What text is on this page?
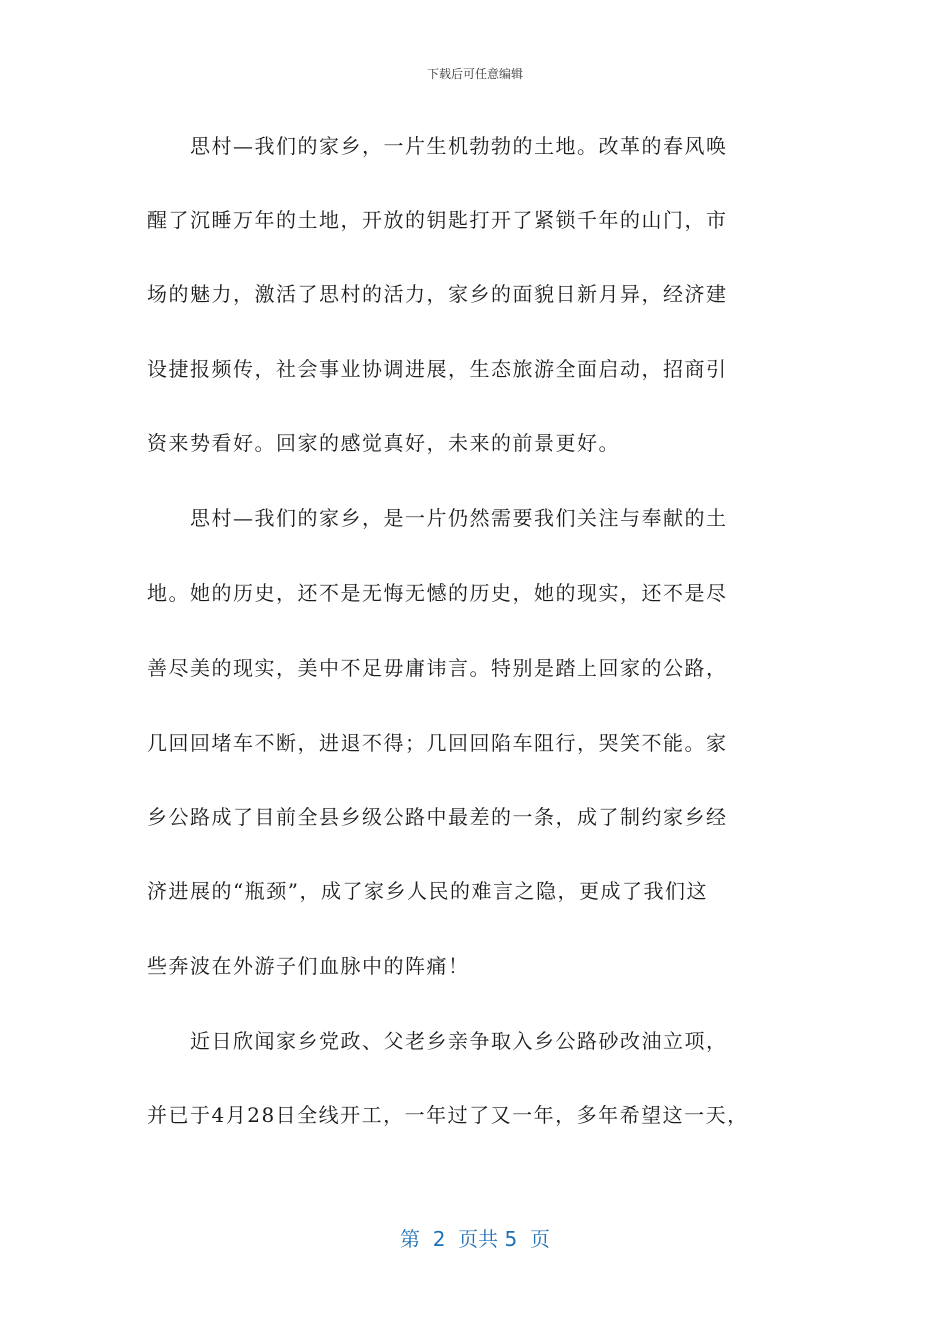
下载后可任意编辑
　　思村—我们的家乡，一片生机勃勃的土地。改革的春风唤
醒了沉睡万年的土地，开放的钥匙打开了紧锁千年的山门，市
场的魅力，激活了思村的活力，家乡的面貌日新月异，经济建
设捷报频传，社会事业协调进展，生态旅游全面启动，招商引
资来势看好。回家的感觉真好，未来的前景更好。
　　思村—我们的家乡，是一片仍然需要我们关注与奉献的土
地。她的历史，还不是无悔无憾的历史，她的现实，还不是尽
善尽美的现实，美中不足毋庸讳言。特别是踏上回家的公路，
几回回堵车不断，进退不得；几回回陷车阻行，哭笑不能。家
乡公路成了目前全县乡级公路中最差的一条，成了制约家乡经
济进展的“瓶颈”，成了家乡人民的难言之隐，更成了我们这
些奔波在外游子们血脉中的阵痛！
　　近日欣闻家乡党政、父老乡亲争取入乡公路砂改油立项，
并已于4月28日全线开工，一年过了又一年，多年希望这一天，
第  2  页共 5  页
